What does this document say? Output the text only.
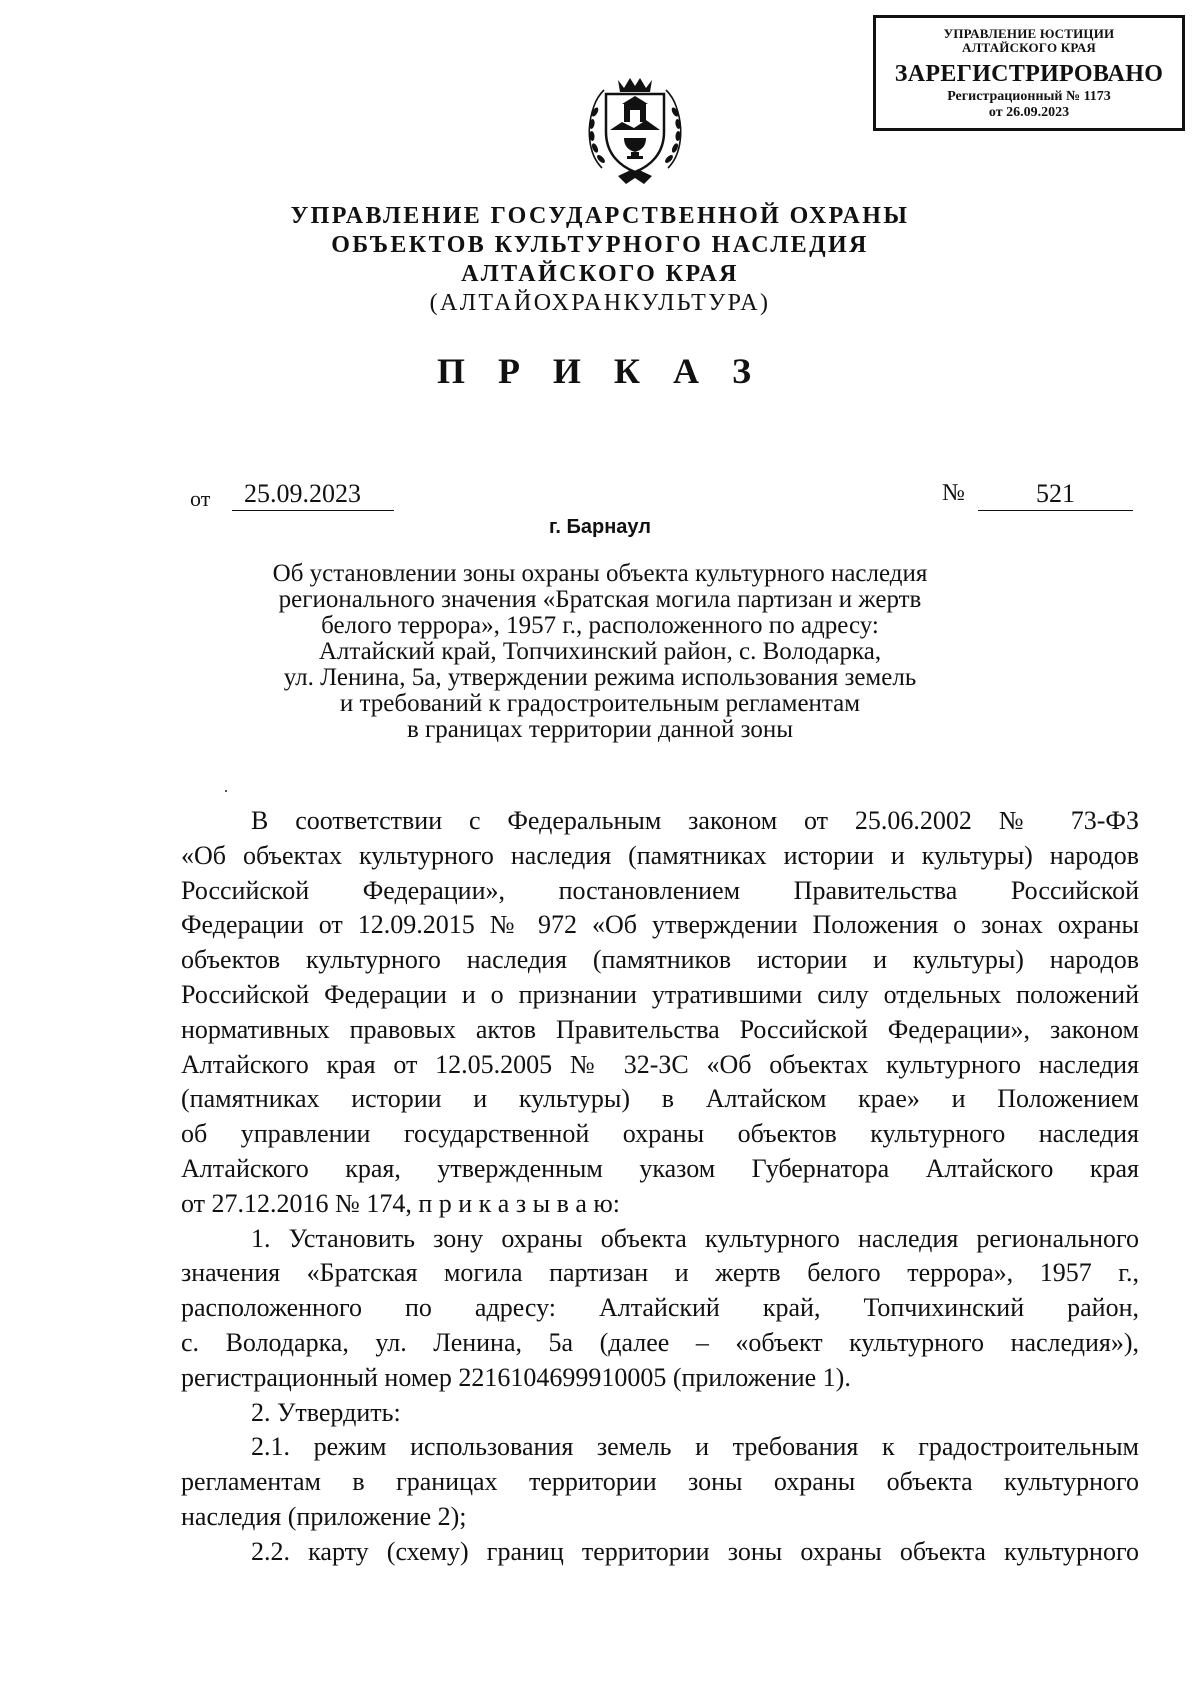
УПРАВЛЕНИЕ ЮСТИЦИИ
АЛТАЙСКОГО КРАЯ
ЗАРЕГИСТРИРОВАНО
Регистрационный № 1173
от 26.09.2023
УПРАВЛЕНИЕ ГОСУДАРСТВЕННОЙ ОХРАНЫ
ОБЪЕКТОВ КУЛЬТУРНОГО НАСЛЕДИЯ
АЛТАЙСКОГО КРАЯ
(АЛТАЙОХРАНКУЛЬТУРА)
П Р И К А З
от	25.09.2023	№	521
г. Барнаул
Об установлении зоны охраны объекта культурного наследия
регионального значения «Братская могила партизан и жертв
белого террора», 1957 г., расположенного по адресу:
Алтайский край, Топчихинский район, с. Володарка,
ул. Ленина, 5а, утверждении режима использования земель
и требований к градостроительным регламентам
в границах территории данной зоны
В соответствии с Федеральным законом от 25.06.2002 № 73-ФЗ
«Об объектах культурного наследия (памятниках истории и культуры) народов
Российской Федерации», постановлением Правительства Российской
Федерации от 12.09.2015 № 972 «Об утверждении Положения о зонах охраны
объектов культурного наследия (памятников истории и культуры) народов
Российской Федерации и о признании утратившими силу отдельных положений
нормативных правовых актов Правительства Российской Федерации», законом
Алтайского края от 12.05.2005 № 32-ЗС «Об объектах культурного наследия
(памятниках истории и культуры) в Алтайском крае» и Положением
об управлении государственной охраны объектов культурного наследия
Алтайского края, утвержденным указом Губернатора Алтайского края
от 27.12.2016 № 174, п р и к а з ы в а ю:
1. Установить зону охраны объекта культурного наследия регионального
значения «Братская могила партизан и жертв белого террора», 1957 г.,
расположенного по адресу: Алтайский край, Топчихинский район,
с. Володарка, ул. Ленина, 5а (далее – «объект культурного наследия»),
регистрационный номер 2216104699910005 (приложение 1).
2. Утвердить:
2.1. режим использования земель и требования к градостроительным
регламентам в границах территории зоны охраны объекта культурного
наследия (приложение 2);
2.2. карту (схему) границ территории зоны охраны объекта культурного
